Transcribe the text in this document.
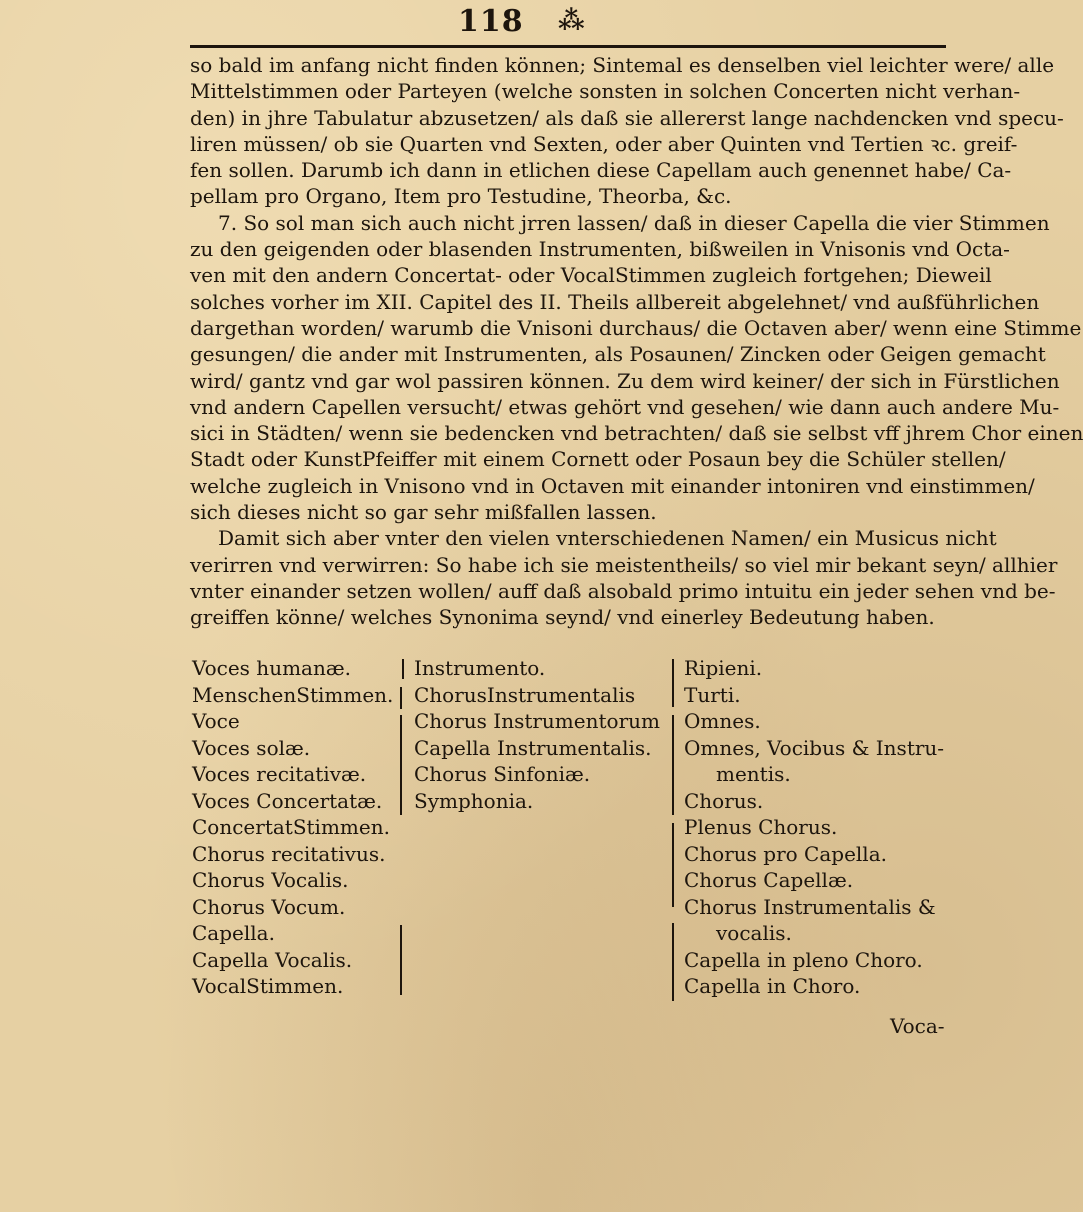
118 ⁂
so bald im anfang nicht finden können; Sintemal es denselben viel leichter were/ alle
Mittelstimmen oder Parteyen (welche sonsten in solchen Concerten nicht verhan-
den) in jhre Tabulatur abzusetzen/ als daß sie allererst lange nachdencken vnd specu-
liren müssen/ ob sie Quarten vnd Sexten, oder aber Quinten vnd Tertien ꝛc. greif-
fen sollen. Darumb ich dann in etlichen diese Capellam auch genennet habe/ Ca-
pellam pro Organo, Item pro Testudine, Theorba, &c.
7. So sol man sich auch nicht jrren lassen/ daß in dieser Capella die vier Stimmen
zu den geigenden oder blasenden Instrumenten, bißweilen in Vnisonis vnd Octa-
ven mit den andern Concertat- oder VocalStimmen zugleich fortgehen; Dieweil
solches vorher im XII. Capitel des II. Theils allbereit abgelehnet/ vnd außführlichen
dargethan worden/ warumb die Vnisoni durchaus/ die Octaven aber/ wenn eine Stimme
gesungen/ die ander mit Instrumenten, als Posaunen/ Zincken oder Geigen gemacht
wird/ gantz vnd gar wol passiren können. Zu dem wird keiner/ der sich in Fürstlichen
vnd andern Capellen versucht/ etwas gehört vnd gesehen/ wie dann auch andere Mu-
sici in Städten/ wenn sie bedencken vnd betrachten/ daß sie selbst vff jhrem Chor einen
Stadt oder KunstPfeiffer mit einem Cornett oder Posaun bey die Schüler stellen/
welche zugleich in Vnisono vnd in Octaven mit einander intoniren vnd einstimmen/
sich dieses nicht so gar sehr mißfallen lassen.
Damit sich aber vnter den vielen vnterschiedenen Namen/ ein Musicus nicht
verirren vnd verwirren: So habe ich sie meistentheils/ so viel mir bekant seyn/ allhier
vnter einander setzen wollen/ auff daß alsobald primo intuitu ein jeder sehen vnd be-
greiffen könne/ welches Synonima seynd/ vnd einerley Bedeutung haben.
Voces humanæ.
MenschenStimmen.
Voce
Voces solæ.
Voces recitativæ.
Voces Concertatæ.
ConcertatStimmen.
Chorus recitativus.
Chorus Vocalis.
Chorus Vocum.
Capella.
Capella Vocalis.
VocalStimmen.
Instrumento.
ChorusInstrumentalis
Chorus Instrumentorum
Capella Instrumentalis.
Chorus Sinfoniæ.
Symphonia.
Ripieni.
Turti.
Omnes.
Omnes, Vocibus & Instru-
mentis.
Chorus.
Plenus Chorus.
Chorus pro Capella.
Chorus Capellæ.
Chorus Instrumentalis &
vocalis.
Capella in pleno Choro.
Capella in Choro.
Voca-
